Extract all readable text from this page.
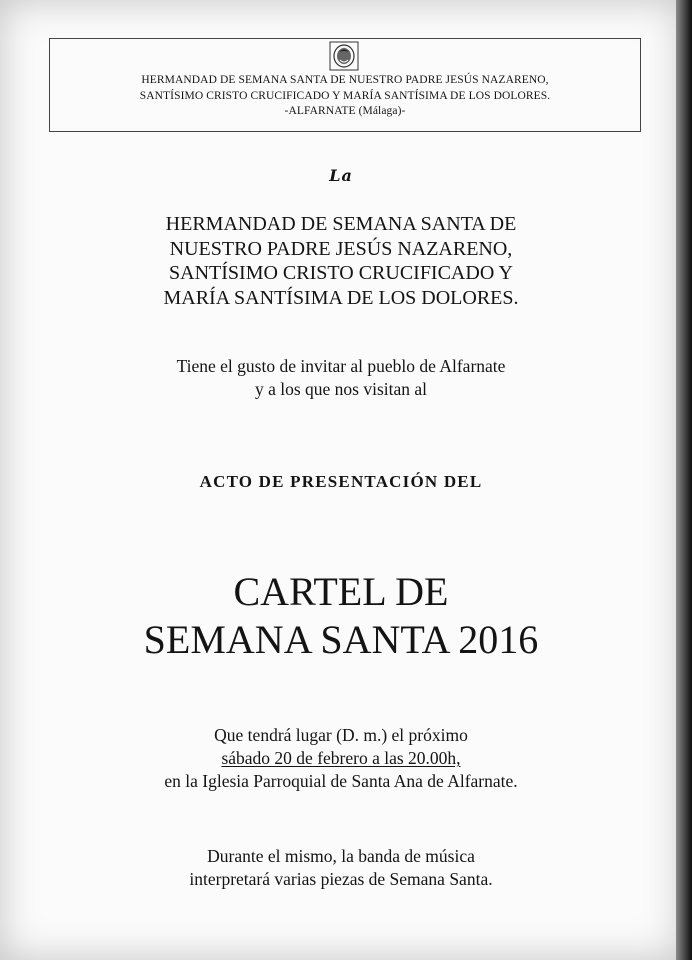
HERMANDAD DE SEMANA SANTA DE NUESTRO PADRE JESÚS NAZARENO,
SANTÍSIMO CRISTO CRUCIFICADO Y MARÍA SANTÍSIMA DE LOS DOLORES.
-ALFARNATE (Málaga)-
La
HERMANDAD DE SEMANA SANTA DE
NUESTRO PADRE JESÚS NAZARENO,
SANTÍSIMO CRISTO CRUCIFICADO Y
MARÍA SANTÍSIMA DE LOS DOLORES.
Tiene el gusto de invitar al pueblo de Alfarnate
y a los que nos visitan al
ACTO DE PRESENTACIÓN DEL
CARTEL DE
SEMANA SANTA 2016
Que tendrá lugar (D. m.) el próximo
sábado 20 de febrero a las 20.00h,
en la Iglesia Parroquial de Santa Ana de Alfarnate.
Durante el mismo, la banda de música
interpretará varias piezas de Semana Santa.
